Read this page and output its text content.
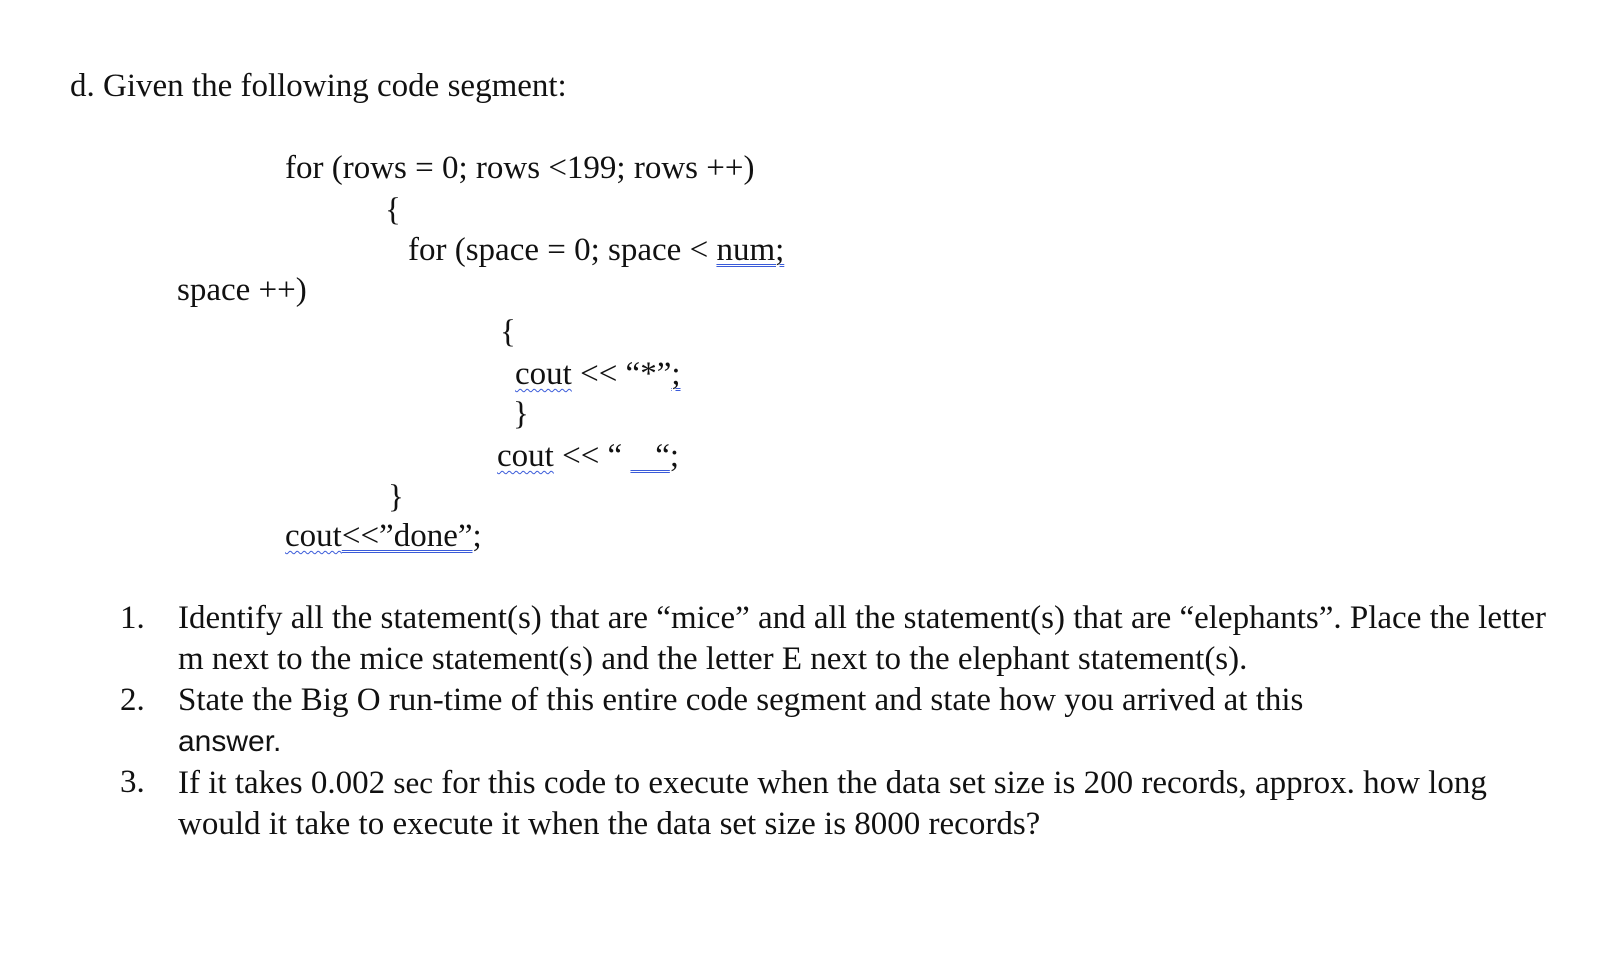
d. Given the following code segment:
for (rows = 0; rows <199; rows ++)
{
for (space = 0; space < num;
space ++)
{
cout << “*”;
}
cout << “    “;
}
cout<<”done”;
1. Identify all the statement(s) that are “mice” and all the statement(s) that are “elephants”. Place the letter m next to the mice statement(s) and the letter E next to the elephant statement(s).
2. State the Big O run-time of this entire code segment and state how you arrived at this
answer.
3. If it takes 0.002 sec for this code to execute when the data set size is 200 records, approx. how long would it take to execute it when the data set size is 8000 records?
